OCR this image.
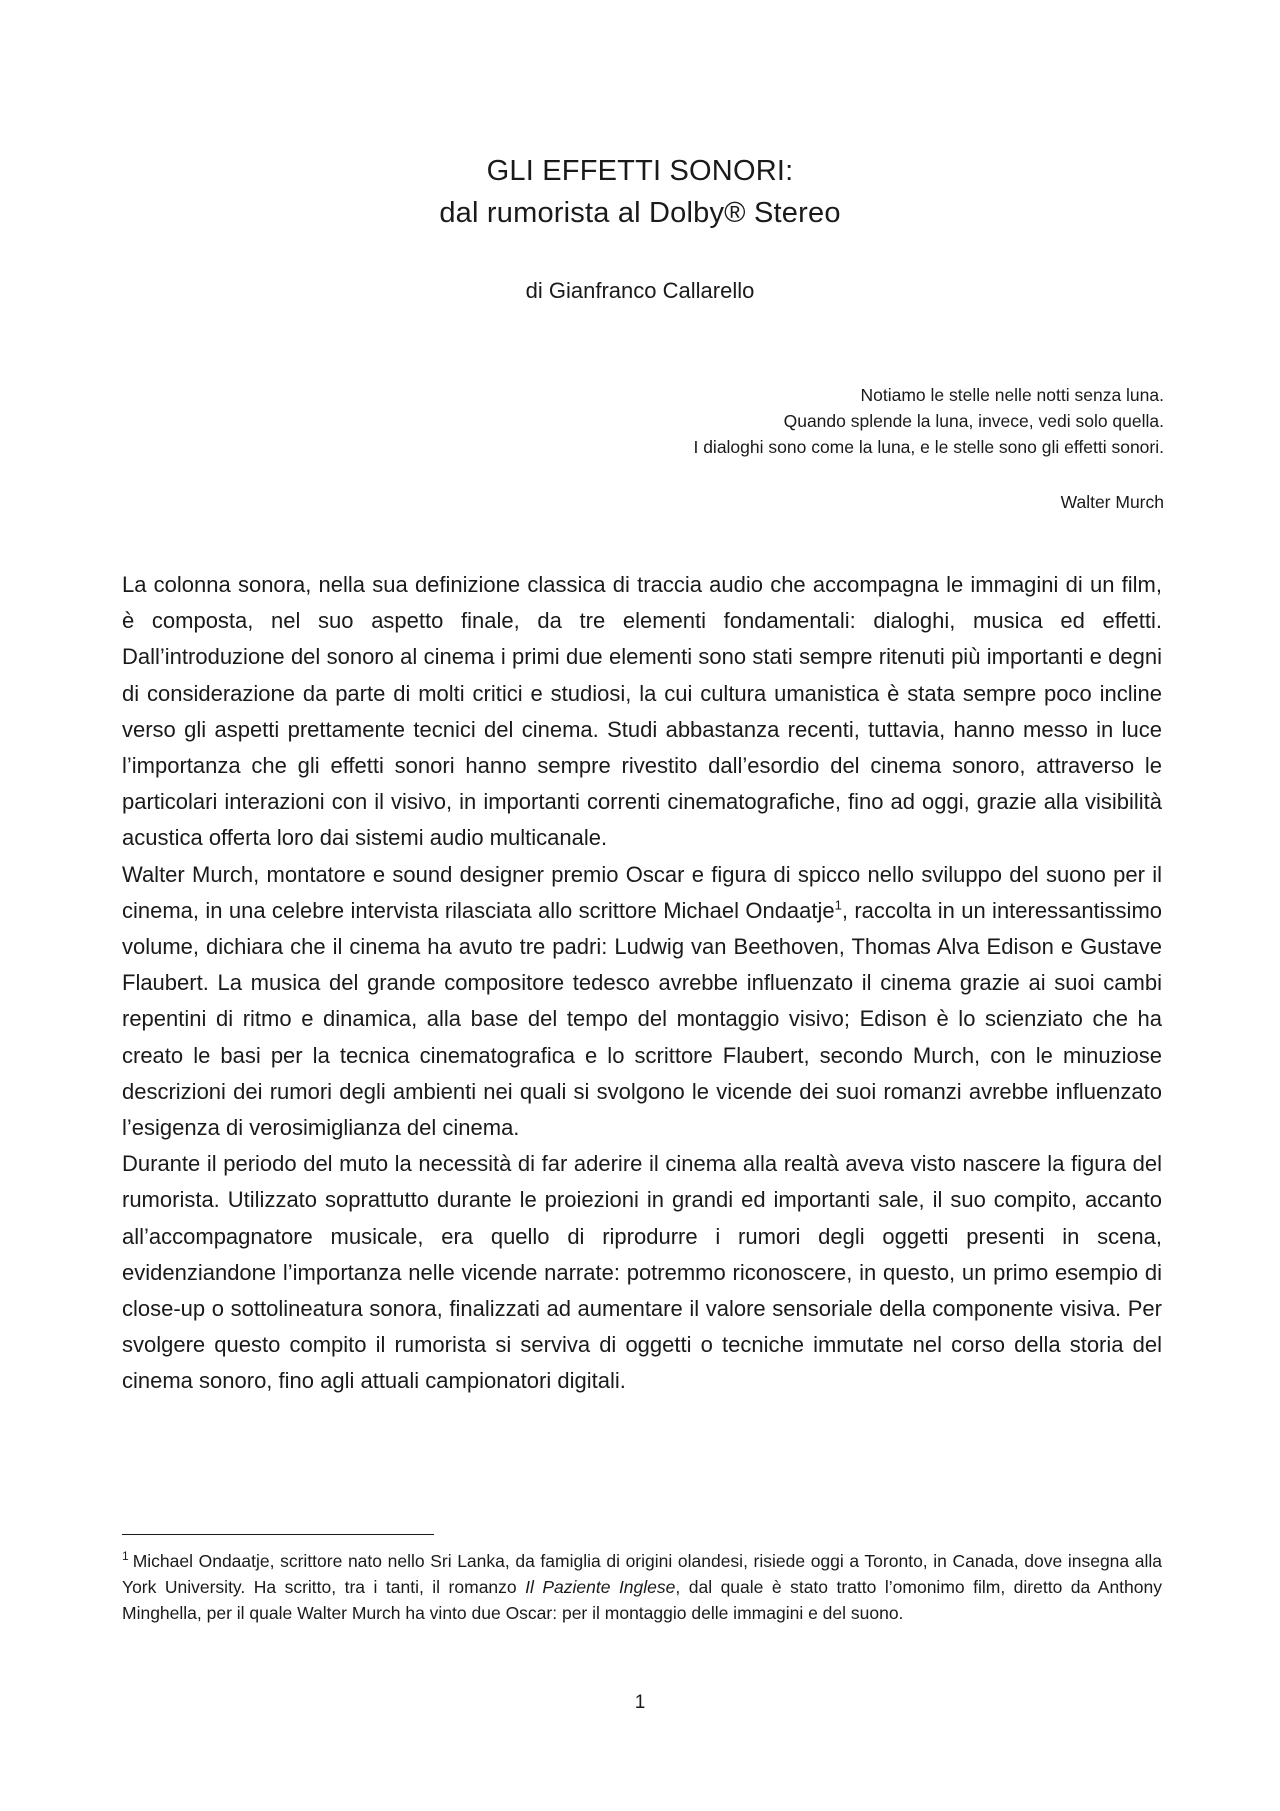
GLI EFFETTI SONORI:
dal rumorista al Dolby® Stereo
di Gianfranco Callarello
Notiamo le stelle nelle notti senza luna.
Quando splende la luna, invece, vedi solo quella.
I dialoghi sono come la luna, e le stelle sono gli effetti sonori.
Walter Murch

La colonna sonora, nella sua definizione classica di traccia audio che accompagna le immagini di un film, è composta, nel suo aspetto finale, da tre elementi fondamentali: dialoghi, musica ed effetti. Dall’introduzione del sonoro al cinema i primi due elementi sono stati sempre ritenuti più importanti e degni di considerazione da parte di molti critici e studiosi, la cui cultura umanistica è stata sempre poco incline verso gli aspetti prettamente tecnici del cinema. Studi abbastanza recenti, tuttavia, hanno messo in luce l’importanza che gli effetti sonori hanno sempre rivestito dall’esordio del cinema sonoro, attraverso le particolari interazioni con il visivo, in importanti correnti cinematografiche, fino ad oggi, grazie alla visibilità acustica offerta loro dai sistemi audio multicanale.

Walter Murch, montatore e sound designer premio Oscar e figura di spicco nello sviluppo del suono per il cinema, in una celebre intervista rilasciata allo scrittore Michael Ondaatje$^1$, raccolta in un interessantissimo volume, dichiara che il cinema ha avuto tre padri: Ludwig van Beethoven, Thomas Alva Edison e Gustave Flaubert. La musica del grande compositore tedesco avrebbe influenzato il cinema grazie ai suoi cambi repentini di ritmo e dinamica, alla base del tempo del montaggio visivo; Edison è lo scienziato che ha creato le basi per la tecnica cinematografica e lo scrittore Flaubert, secondo Murch, con le minuziose descrizioni dei rumori degli ambienti nei quali si svolgono le vicende dei suoi romanzi avrebbe influenzato l’esigenza di verosimiglianza del cinema.

Durante il periodo del muto la necessità di far aderire il cinema alla realtà aveva visto nascere la figura del rumorista. Utilizzato soprattutto durante le proiezioni in grandi ed importanti sale, il suo compito, accanto all’accompagnatore musicale, era quello di riprodurre i rumori degli oggetti presenti in scena, evidenziandone l’importanza nelle vicende narrate: potremmo riconoscere, in questo, un primo esempio di close-up o sottolineatura sonora, finalizzati ad aumentare il valore sensoriale della componente visiva. Per svolgere questo compito il rumorista si serviva di oggetti o tecniche immutate nel corso della storia del cinema sonoro, fino agli attuali campionatori digitali.

$^1$ Michael Ondaatje, scrittore nato nello Sri Lanka, da famiglia di origini olandesi, risiede oggi a Toronto, in Canada, dove insegna alla York University. Ha scritto, tra i tanti, il romanzo Il Paziente Inglese, dal quale è stato tratto l’omonimo film, diretto da Anthony Minghella, per il quale Walter Murch ha vinto due Oscar: per il montaggio delle immagini e del suono.
1
